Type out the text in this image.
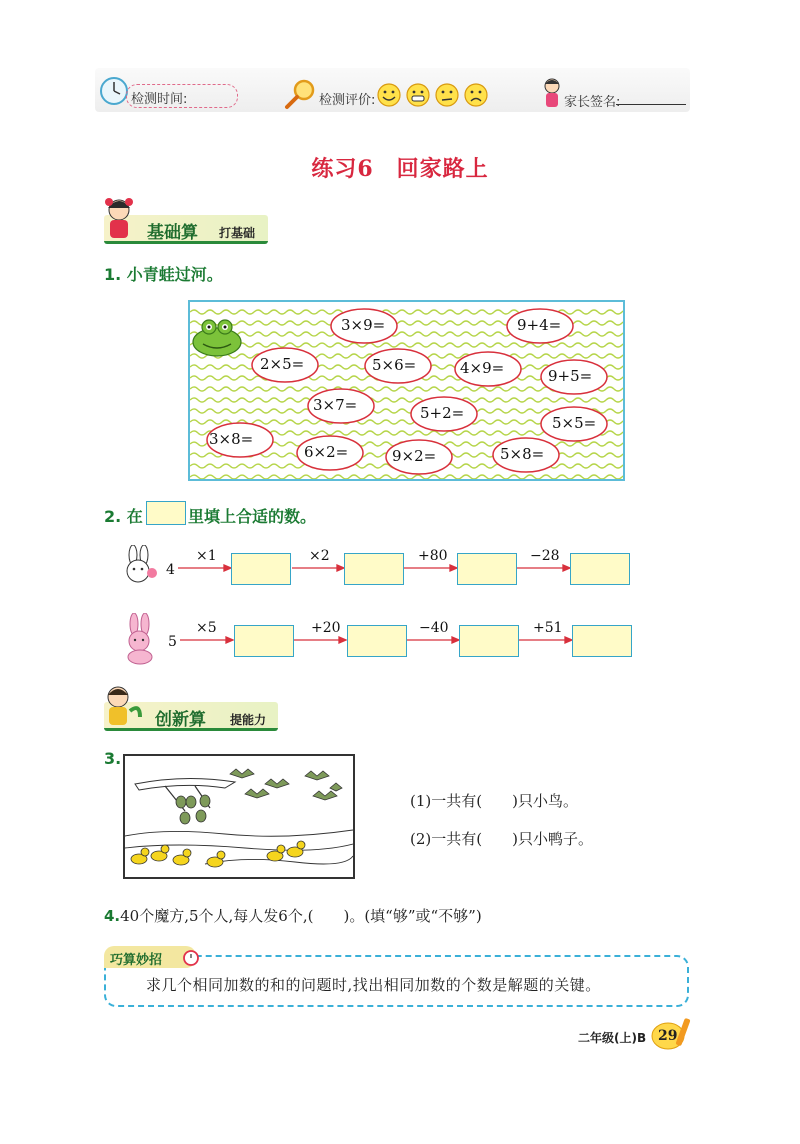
检测时间:	检测评价:	家长签名:
练习6　回家路上
基础算 打基础
1. 小青蛙过河。
3×9=	9+4=
2×5=	5×6=	4×9=	9+5=
3×7=	5+2=
5×5=
3×8=
6×2=	9×2=	5×8=
2. 在	里填上合适的数。
4
×1	×2	+80	−28
5
×5	+20	−40	+51
创新算 提能力
3.
(1)一共有(　　)只小鸟。
(2)一共有(　　)只小鸭子。
4.40个魔方,5个人,每人发6个,(　　)。(填“够”或“不够”)
巧算妙招
求几个相同加数的和的问题时,找出相同加数的个数是解题的关键。
二年级(上)B 29
